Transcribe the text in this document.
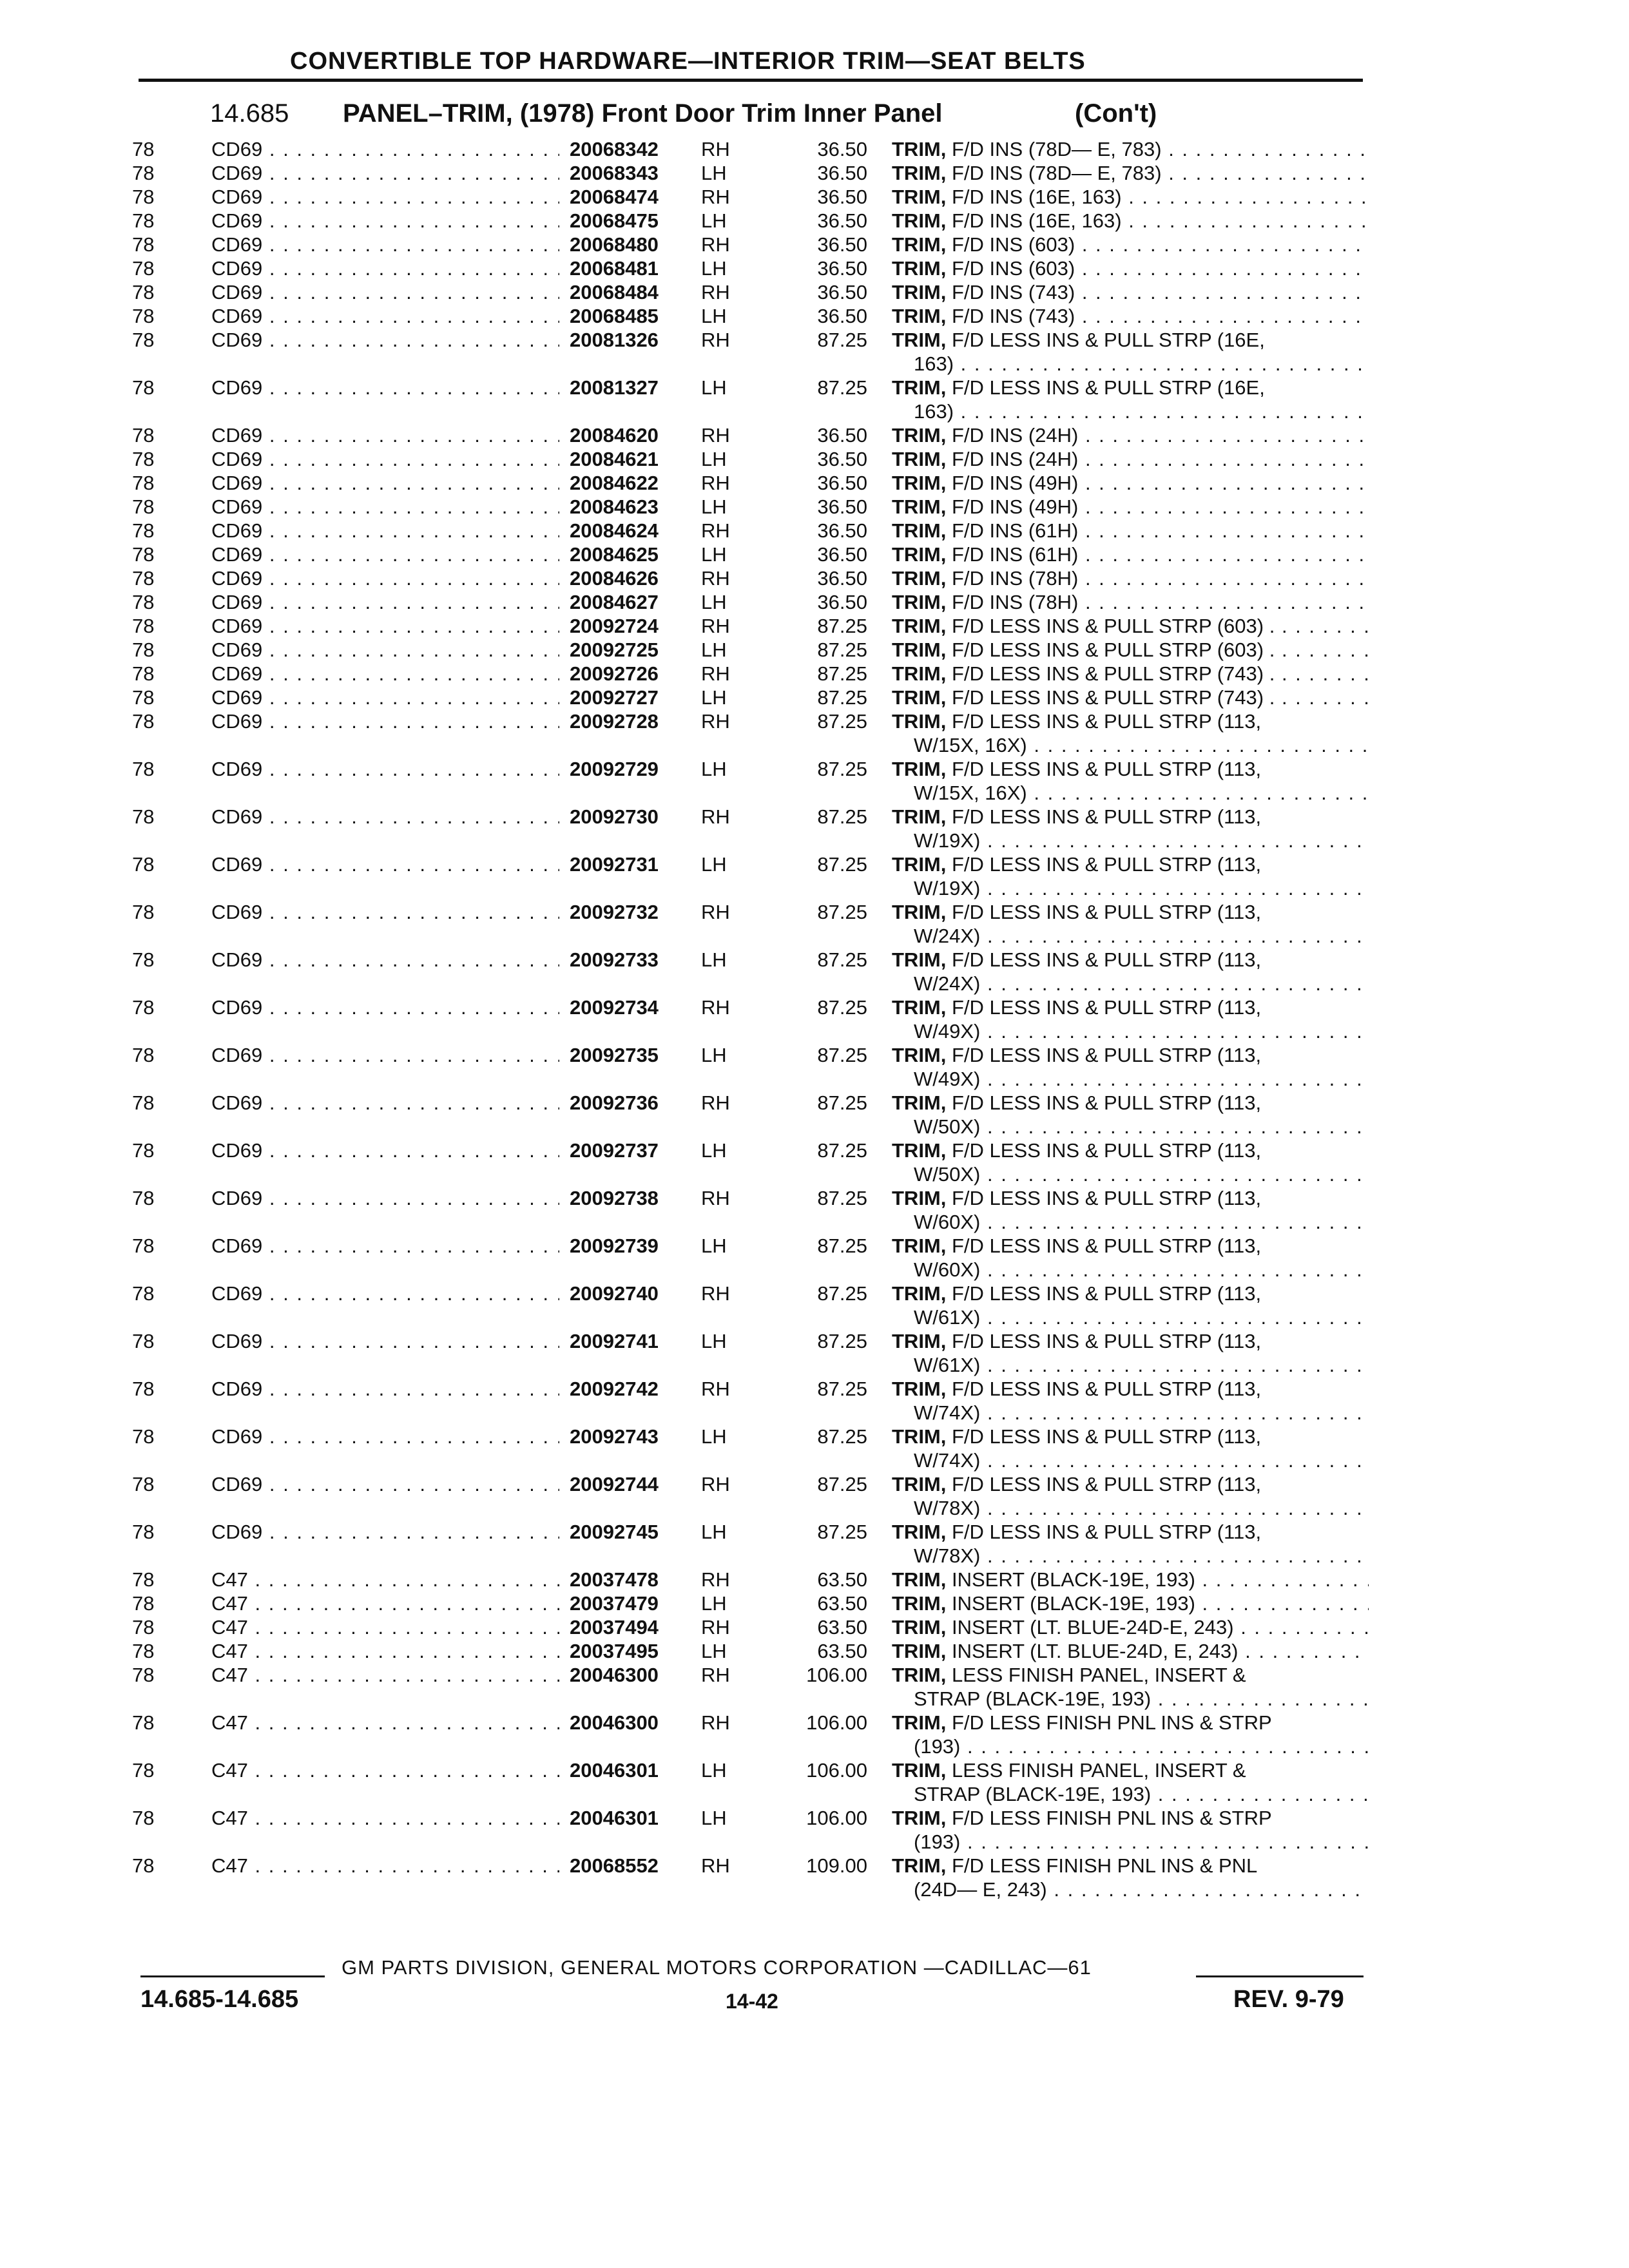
CONVERTIBLE TOP HARDWARE—INTERIOR TRIM—SEAT BELTS
14.685 PANEL–TRIM, (1978) Front Door Trim Inner Panel	(Con't)
78	CD69 . . .	20068342 RH	36.50 TRIM, F/D INS (78D— E, 783) . . .
78	CD69 . . .	20068343 LH	36.50 TRIM, F/D INS (78D— E, 783) . . .
78	CD69 . . .	20068474 RH	36.50 TRIM, F/D INS (16E, 163) . . .
78	CD69 . . .	20068475 LH	36.50 TRIM, F/D INS (16E, 163) . . .
78	CD69 . . .	20068480 RH	36.50 TRIM, F/D INS (603) . . .
78	CD69 . . .	20068481 LH	36.50 TRIM, F/D INS (603) . . .
78	CD69 . . .	20068484 RH	36.50 TRIM, F/D INS (743) . . .
78	CD69 . . .	20068485 LH	36.50 TRIM, F/D INS (743) . . .
78	CD69 . . .	20081326 RH	87.25 TRIM, F/D LESS INS & PULL STRP (16E,
163) . . .
78	CD69 . . .	20081327 LH	87.25 TRIM, F/D LESS INS & PULL STRP (16E,
163) . . .
78	CD69 . . .	20084620 RH	36.50 TRIM, F/D INS (24H) . . .
78	CD69 . . .	20084621 LH	36.50 TRIM, F/D INS (24H) . . .
78	CD69 . . .	20084622 RH	36.50 TRIM, F/D INS (49H) . . .
78	CD69 . . .	20084623 LH	36.50 TRIM, F/D INS (49H) . . .
78	CD69 . . .	20084624 RH	36.50 TRIM, F/D INS (61H) . . .
78	CD69 . . .	20084625 LH	36.50 TRIM, F/D INS (61H) . . .
78	CD69 . . .	20084626 RH	36.50 TRIM, F/D INS (78H) . . .
78	CD69 . . .	20084627 LH	36.50 TRIM, F/D INS (78H) . . .
78	CD69 . . .	20092724 RH	87.25 TRIM, F/D LESS INS & PULL STRP (603) . . . .
78	CD69 . . .	20092725 LH	87.25 TRIM, F/D LESS INS & PULL STRP (603) . . . .
78	CD69 . . .	20092726 RH	87.25 TRIM, F/D LESS INS & PULL STRP (743) . . . .
78	CD69 . . .	20092727 LH	87.25 TRIM, F/D LESS INS & PULL STRP (743) . . . .
78	CD69 . . .	20092728 RH	87.25 TRIM, F/D LESS INS & PULL STRP (113,
W/15X, 16X) . . .
78	CD69 . . .	20092729 LH	87.25 TRIM, F/D LESS INS & PULL STRP (113,
W/15X, 16X) . . .
78	CD69 . . .	20092730 RH	87.25 TRIM, F/D LESS INS & PULL STRP (113,
W/19X) . . .
78	CD69 . . .	20092731 LH	87.25 TRIM, F/D LESS INS & PULL STRP (113,
W/19X) . . .
78	CD69 . . .	20092732 RH	87.25 TRIM, F/D LESS INS & PULL STRP (113,
W/24X) . . .
78	CD69 . . .	20092733 LH	87.25 TRIM, F/D LESS INS & PULL STRP (113,
W/24X) . . .
78	CD69 . . .	20092734 RH	87.25 TRIM, F/D LESS INS & PULL STRP (113,
W/49X) . . .
78	CD69 . . .	20092735 LH	87.25 TRIM, F/D LESS INS & PULL STRP (113,
W/49X) . . .
78	CD69 . . .	20092736 RH	87.25 TRIM, F/D LESS INS & PULL STRP (113,
W/50X) . . .
78	CD69 . . .	20092737 LH	87.25 TRIM, F/D LESS INS & PULL STRP (113,
W/50X) . . .
78	CD69 . . .	20092738 RH	87.25 TRIM, F/D LESS INS & PULL STRP (113,
W/60X) . . .
78	CD69 . . .	20092739 LH	87.25 TRIM, F/D LESS INS & PULL STRP (113,
W/60X) . . .
78	CD69 . . .	20092740 RH	87.25 TRIM, F/D LESS INS & PULL STRP (113,
W/61X) . . .
78	CD69 . . .	20092741 LH	87.25 TRIM, F/D LESS INS & PULL STRP (113,
W/61X) . . .
78	CD69 . . .	20092742 RH	87.25 TRIM, F/D LESS INS & PULL STRP (113,
W/74X) . . .
78	CD69 . . .	20092743 LH	87.25 TRIM, F/D LESS INS & PULL STRP (113,
W/74X) . . .
78	CD69 . . .	20092744 RH	87.25 TRIM, F/D LESS INS & PULL STRP (113,
W/78X) . . .
78	CD69 . . .	20092745 LH	87.25 TRIM, F/D LESS INS & PULL STRP (113,
W/78X) . . .
78	C47 . . .	20037478 RH	63.50 TRIM, INSERT (BLACK-19E, 193) . . .
78	C47 . . .	20037479 LH	63.50 TRIM, INSERT (BLACK-19E, 193) . . .
78	C47 . . .	20037494 RH	63.50 TRIM, INSERT (LT. BLUE-24D-E, 243) . . .
78	C47 . . .	20037495 LH	63.50 TRIM, INSERT (LT. BLUE-24D, E, 243) . . .
78	C47 . . .	20046300 RH	106.00 TRIM, LESS FINISH PANEL, INSERT &
STRAP (BLACK-19E, 193) . . .
78	C47 . . .	20046300 RH	106.00 TRIM, F/D LESS FINISH PNL INS & STRP
(193) . . .
78	C47 . . .	20046301 LH	106.00 TRIM, LESS FINISH PANEL, INSERT &
STRAP (BLACK-19E, 193) . . .
78	C47 . . .	20046301 LH	106.00 TRIM, F/D LESS FINISH PNL INS & STRP
(193) . . .
78	C47 . . .	20068552 RH	109.00 TRIM, F/D LESS FINISH PNL INS & PNL
(24D— E, 243) . . .
GM PARTS DIVISION, GENERAL MOTORS CORPORATION —CADILLAC—61
14.685-14.685	14-42	REV. 9-79
